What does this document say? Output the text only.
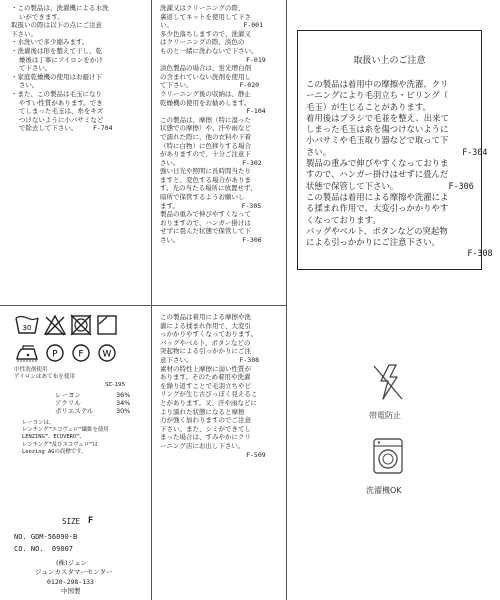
・この製品は、洗濯機による水洗
いができます。
取扱いの際は以下の点にご注意
下さい。
・水洗いで多少縮みます。
・洗濯後は形を整えて干し、乾
燥後は丁寧にアイロンをかけ
て下さい。
・家庭乾燥機の使用はお避け下
さい。
・また、この製品は毛玉になり
やすい性質があります。でき
てしまった毛玉は、糸をキズ
つけないように小バサミなど
で除去して下さい。    F-704
洗濯又はクリーニングの際、
裏返してネットを使用して下さ
い。                  F-001
多少色落ちしますので、洗濯又
はクリーニングの際、淡色の
ものと一緒に洗わないで下さい。
F-019
淡色製品の場合は、蛍光増白剤
の含まれていない洗剤を使用し
て下さい。            F-020
クリーニング後の収納は、静止
乾燥機の使用をお勧めします。
F-104
この製品は、摩擦（特に湿った
状態での摩擦）や、汗や雨など
で濡れた際に、他の衣料や下着
（特に白物）に色移りする場合
がありますので、十分ご注意下
さい。                F-302
強い日光や照明に長時間当たり
ますと、変色する場合がありま
す。光の当たる場所に放置せず、
暗所で保管するようお願いし
ます。                F-305
製品の重みで伸びやすくなって
おりますので、ハンガー掛けは
せずに畳んだ状態で保管して下
さい。                F-306
取扱い上のご注意
この製品は着用中の摩擦や洗濯、クリ
ーニングにより毛羽立ち・ピリング（
毛玉）が生じることがあります。
着用後はブラシで毛並を整え、出来て
しまった毛玉は糸を傷つけないように
小バサミや毛玉取り器などで取って下
さい。                          F-304
製品の重みで伸びやすくなっておりま
すので、ハンガー掛けはせずに畳んだ
状態で保管して下さい。          F-306
この製品は着用による摩擦や洗濯によ
る揉まれ作用で、大変引っかかりやす
くなっております。
バッグやベルト、ボタンなどの突起物
による引っかかりにご注意下さい。
F-308
30
P F W
中性洗剤使用
アイロンはあて布を使用
SC-195
レーヨン	36%
アクリル	34%
ポリエステル	30%
レーヨンは、
レンチング™エコヴェロ™繊維を使用
LENZING™、ECOVERO™、
レンチング™及びエコヴェロ™は
Lenzing AGの商標です。
SIZE F
NO. GDM-56090-B
CO. NO.  09007
(株)ジュン
ジュンカスタマーセンター
0120-298-133
中国製
この製品は着用による摩擦や洗
濯による揉まれ作用で、大変引
っかかりやすくなっております。
バッグやベルト、ボタンなどの
突起物による引っかかりにご注
意下さい。            F-308
素材の特性上摩擦に弱い性質が
あります。そのため着用や洗濯
を繰り返すことで毛羽立ちやピ
リングが生じ古びっぽく見えるこ
とがあります。又、汗や雨などに
より濡れた状態になると摩擦
力が強く加わりますのでご注意
下さい。また、シミができてし
まった場合は、すみやかにクリ
ーニング店にお出し下さい。
F-509
帯電防止
洗濯機OK
